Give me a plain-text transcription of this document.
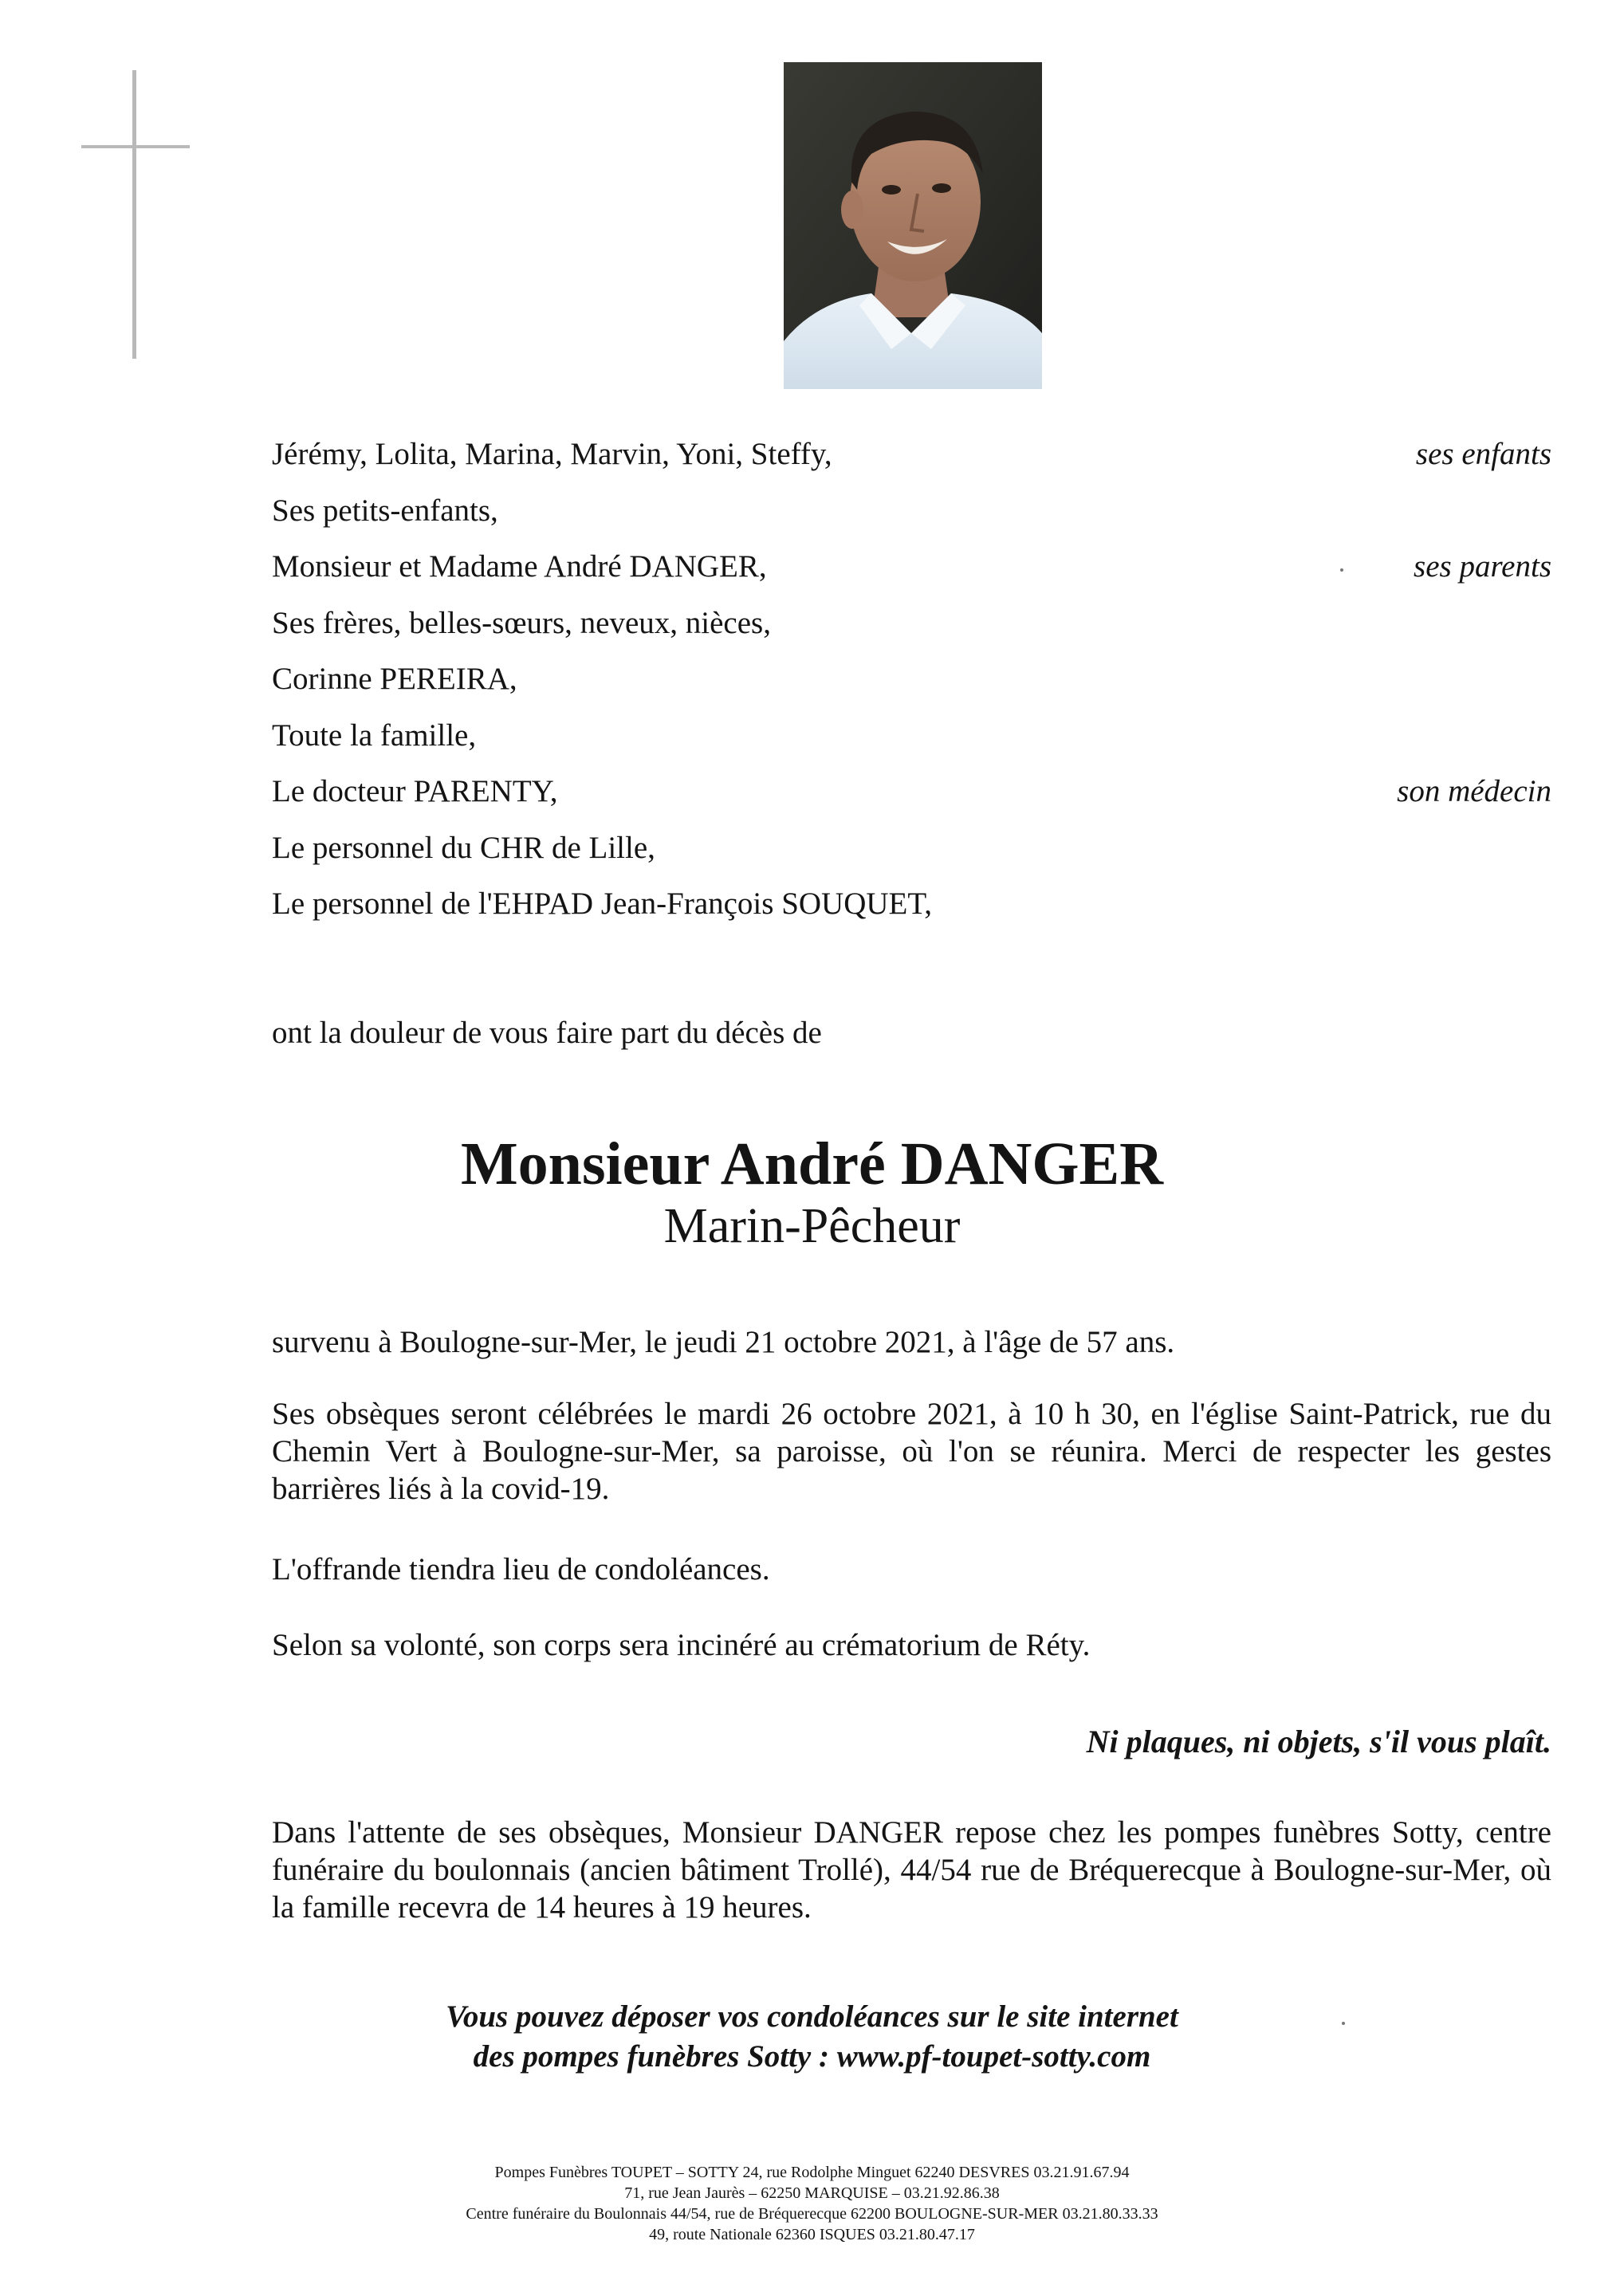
Jérémy, Lolita, Marina, Marvin, Yoni, Steffy,	ses enfants
Ses petits-enfants,
Monsieur et Madame André DANGER,	ses parents
Ses frères, belles-sœurs, neveux, nièces,
Corinne PEREIRA,
Toute la famille,
Le docteur PARENTY,	son médecin
Le personnel du CHR de Lille,
Le personnel de l'EHPAD Jean-François SOUQUET,
ont la douleur de vous faire part du décès de
Monsieur André DANGER
Marin-Pêcheur
survenu à Boulogne-sur-Mer, le jeudi 21 octobre 2021, à l'âge de 57 ans.
Ses obsèques seront célébrées le mardi 26 octobre 2021, à 10 h 30, en l'église Saint-Patrick, rue du Chemin Vert à Boulogne-sur-Mer, sa paroisse, où l'on se réunira. Merci de respecter les gestes barrières liés à la covid-19.
L'offrande tiendra lieu de condoléances.
Selon sa volonté, son corps sera incinéré au crématorium de Réty.
Ni plaques, ni objets, s'il vous plaît.
Dans l'attente de ses obsèques, Monsieur DANGER repose chez les pompes funèbres Sotty, centre funéraire du boulonnais (ancien bâtiment Trollé), 44/54 rue de Bréquerecque à Boulogne-sur-Mer, où la famille recevra de 14 heures à 19 heures.
Vous pouvez déposer vos condoléances sur le site internet
des pompes funèbres Sotty : www.pf-toupet-sotty.com
Pompes Funèbres TOUPET – SOTTY 24, rue Rodolphe Minguet 62240 DESVRES 03.21.91.67.94
71, rue Jean Jaurès – 62250 MARQUISE – 03.21.92.86.38
Centre funéraire du Boulonnais 44/54, rue de Bréquerecque 62200 BOULOGNE-SUR-MER 03.21.80.33.33
49, route Nationale 62360 ISQUES 03.21.80.47.17
